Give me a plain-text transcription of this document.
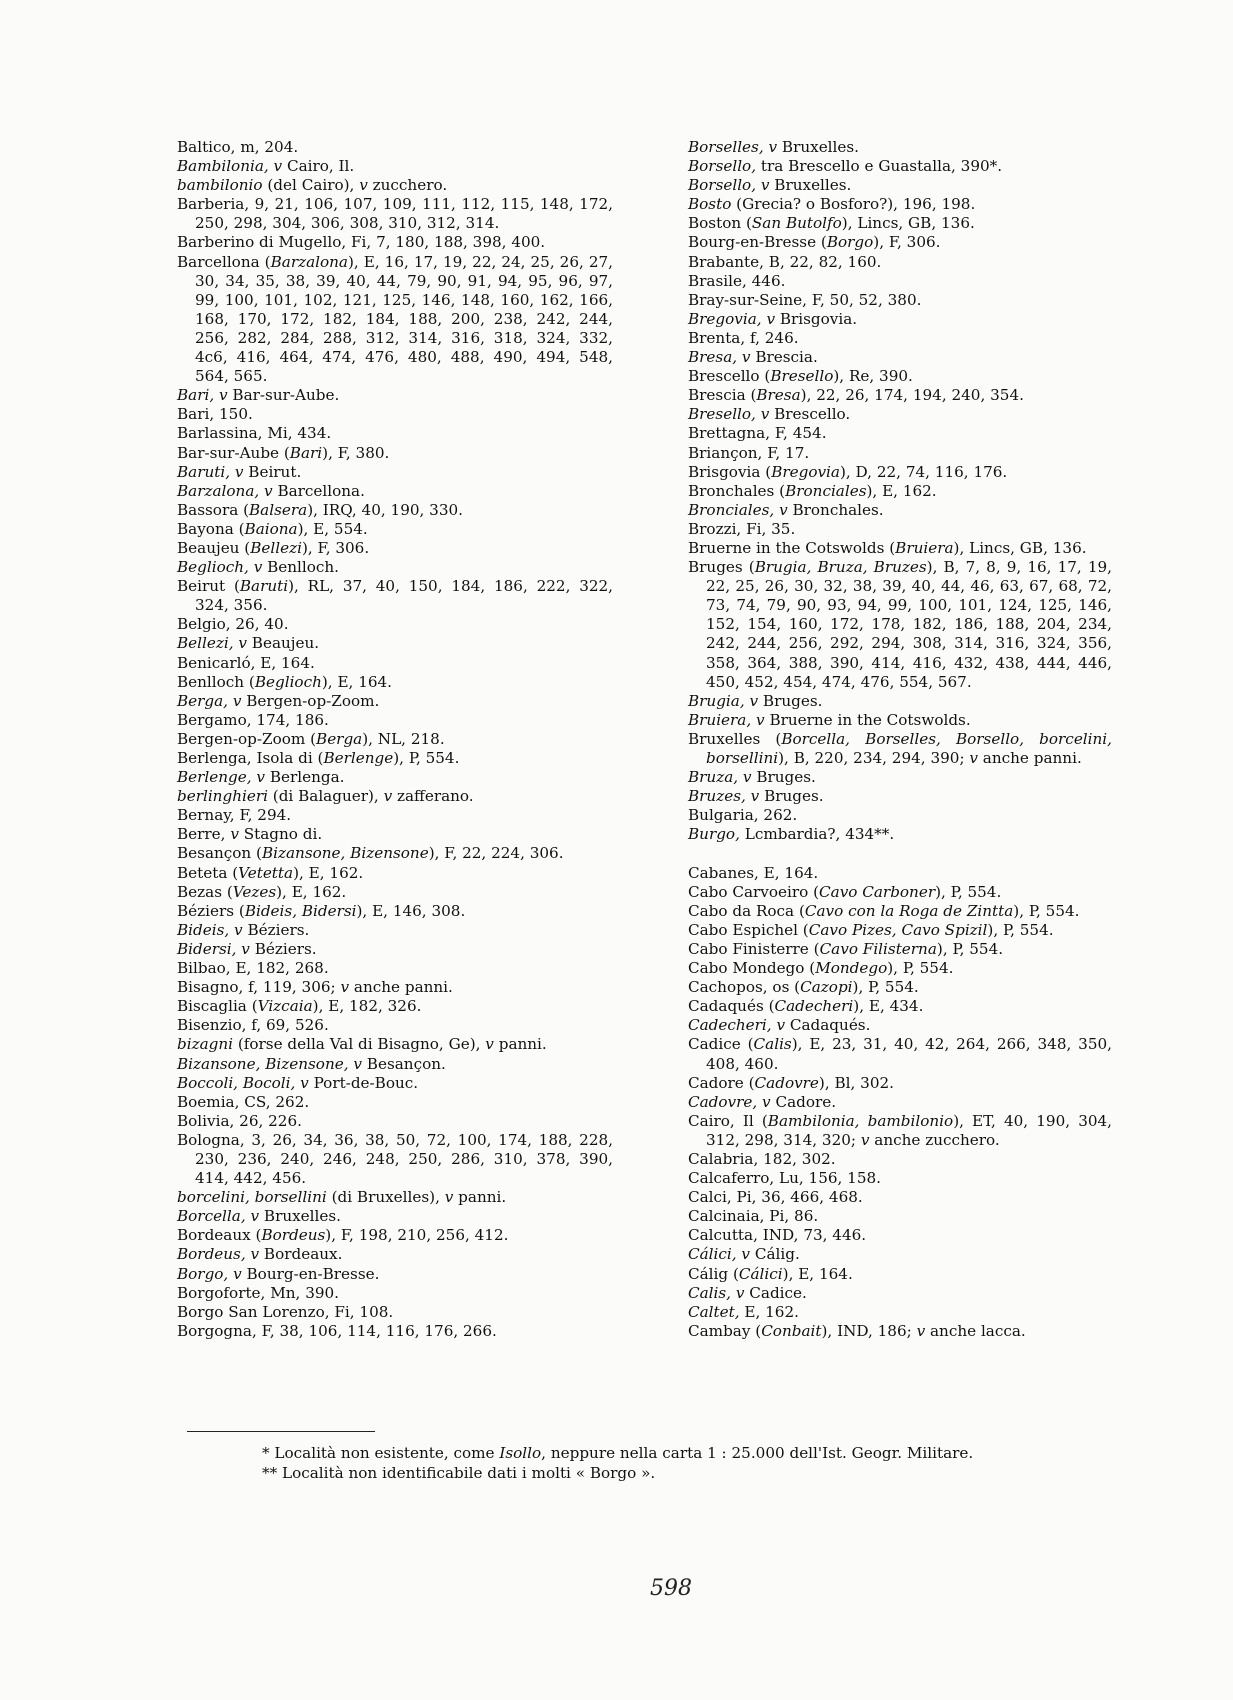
Baltico, m, 204.
Bambilonia, v Cairo, Il.
bambilonio (del Cairo), v zucchero.
Barberia, 9, 21, 106, 107, 109, 111, 112, 115, 148, 172, 250, 298, 304, 306, 308, 310, 312, 314.
Barberino di Mugello, Fi, 7, 180, 188, 398, 400.
Barcellona (Barzalona), E, 16, 17, 19, 22, 24, 25, 26, 27, 30, 34, 35, 38, 39, 40, 44, 79, 90, 91, 94, 95, 96, 97, 99, 100, 101, 102, 121, 125, 146, 148, 160, 162, 166, 168, 170, 172, 182, 184, 188, 200, 238, 242, 244, 256, 282, 284, 288, 312, 314, 316, 318, 324, 332, 4c6, 416, 464, 474, 476, 480, 488, 490, 494, 548, 564, 565.
Bari, v Bar-sur-Aube.
Bari, 150.
Barlassina, Mi, 434.
Bar-sur-Aube (Bari), F, 380.
Baruti, v Beirut.
Barzalona, v Barcellona.
Bassora (Balsera), IRQ, 40, 190, 330.
Bayona (Baiona), E, 554.
Beaujeu (Bellezi), F, 306.
Beglioch, v Benlloch.
Beirut (Baruti), RL, 37, 40, 150, 184, 186, 222, 322, 324, 356.
Belgio, 26, 40.
Bellezi, v Beaujeu.
Benicarló, E, 164.
Benlloch (Beglioch), E, 164.
Berga, v Bergen-op-Zoom.
Bergamo, 174, 186.
Bergen-op-Zoom (Berga), NL, 218.
Berlenga, Isola di (Berlenge), P, 554.
Berlenge, v Berlenga.
berlinghieri (di Balaguer), v zafferano.
Bernay, F, 294.
Berre, v Stagno di.
Besançon (Bizansone, Bizensone), F, 22, 224, 306.
Beteta (Vetetta), E, 162.
Bezas (Vezes), E, 162.
Béziers (Bideis, Bidersi), E, 146, 308.
Bideis, v Béziers.
Bidersi, v Béziers.
Bilbao, E, 182, 268.
Bisagno, f, 119, 306; v anche panni.
Biscaglia (Vizcaia), E, 182, 326.
Bisenzio, f, 69, 526.
bizagni (forse della Val di Bisagno, Ge), v panni.
Bizansone, Bizensone, v Besançon.
Boccoli, Bocoli, v Port-de-Bouc.
Boemia, CS, 262.
Bolivia, 26, 226.
Bologna, 3, 26, 34, 36, 38, 50, 72, 100, 174, 188, 228, 230, 236, 240, 246, 248, 250, 286, 310, 378, 390, 414, 442, 456.
borcelini, borsellini (di Bruxelles), v panni.
Borcella, v Bruxelles.
Bordeaux (Bordeus), F, 198, 210, 256, 412.
Bordeus, v Bordeaux.
Borgo, v Bourg-en-Bresse.
Borgoforte, Mn, 390.
Borgo San Lorenzo, Fi, 108.
Borgogna, F, 38, 106, 114, 116, 176, 266.
Borselles, v Bruxelles.
Borsello, tra Brescello e Guastalla, 390*.
Borsello, v Bruxelles.
Bosto (Grecia? o Bosforo?), 196, 198.
Boston (San Butolfo), Lincs, GB, 136.
Bourg-en-Bresse (Borgo), F, 306.
Brabante, B, 22, 82, 160.
Brasile, 446.
Bray-sur-Seine, F, 50, 52, 380.
Bregovia, v Brisgovia.
Brenta, f, 246.
Bresa, v Brescia.
Brescello (Bresello), Re, 390.
Brescia (Bresa), 22, 26, 174, 194, 240, 354.
Bresello, v Brescello.
Brettagna, F, 454.
Briançon, F, 17.
Brisgovia (Bregovia), D, 22, 74, 116, 176.
Bronchales (Bronciales), E, 162.
Bronciales, v Bronchales.
Brozzi, Fi, 35.
Bruerne in the Cotswolds (Bruiera), Lincs, GB, 136.
Bruges (Brugia, Bruza, Bruzes), B, 7, 8, 9, 16, 17, 19, 22, 25, 26, 30, 32, 38, 39, 40, 44, 46, 63, 67, 68, 72, 73, 74, 79, 90, 93, 94, 99, 100, 101, 124, 125, 146, 152, 154, 160, 172, 178, 182, 186, 188, 204, 234, 242, 244, 256, 292, 294, 308, 314, 316, 324, 356, 358, 364, 388, 390, 414, 416, 432, 438, 444, 446, 450, 452, 454, 474, 476, 554, 567.
Brugia, v Bruges.
Bruiera, v Bruerne in the Cotswolds.
Bruxelles (Borcella, Borselles, Borsello, borcelini, borsellini), B, 220, 234, 294, 390; v anche panni.
Bruza, v Bruges.
Bruzes, v Bruges.
Bulgaria, 262.
Burgo, Lcmbardia?, 434**.
Cabanes, E, 164.
Cabo Carvoeiro (Cavo Carboner), P, 554.
Cabo da Roca (Cavo con la Roga de Zintta), P, 554.
Cabo Espichel (Cavo Pizes, Cavo Spizil), P, 554.
Cabo Finisterre (Cavo Filisterna), P, 554.
Cabo Mondego (Mondego), P, 554.
Cachopos, os (Cazopi), P, 554.
Cadaqués (Cadecheri), E, 434.
Cadecheri, v Cadaqués.
Cadice (Calis), E, 23, 31, 40, 42, 264, 266, 348, 350, 408, 460.
Cadore (Cadovre), Bl, 302.
Cadovre, v Cadore.
Cairo, Il (Bambilonia, bambilonio), ET, 40, 190, 304, 312, 298, 314, 320; v anche zucchero.
Calabria, 182, 302.
Calcaferro, Lu, 156, 158.
Calci, Pi, 36, 466, 468.
Calcinaia, Pi, 86.
Calcutta, IND, 73, 446.
Cálici, v Cálig.
Cálig (Cálici), E, 164.
Calis, v Cadice.
Caltet, E, 162.
Cambay (Conbait), IND, 186; v anche lacca.
* Località non esistente, come Isollo, neppure nella carta 1 : 25.000 dell'Ist. Geogr. Militare.
** Località non identificabile dati i molti « Borgo ».
598
